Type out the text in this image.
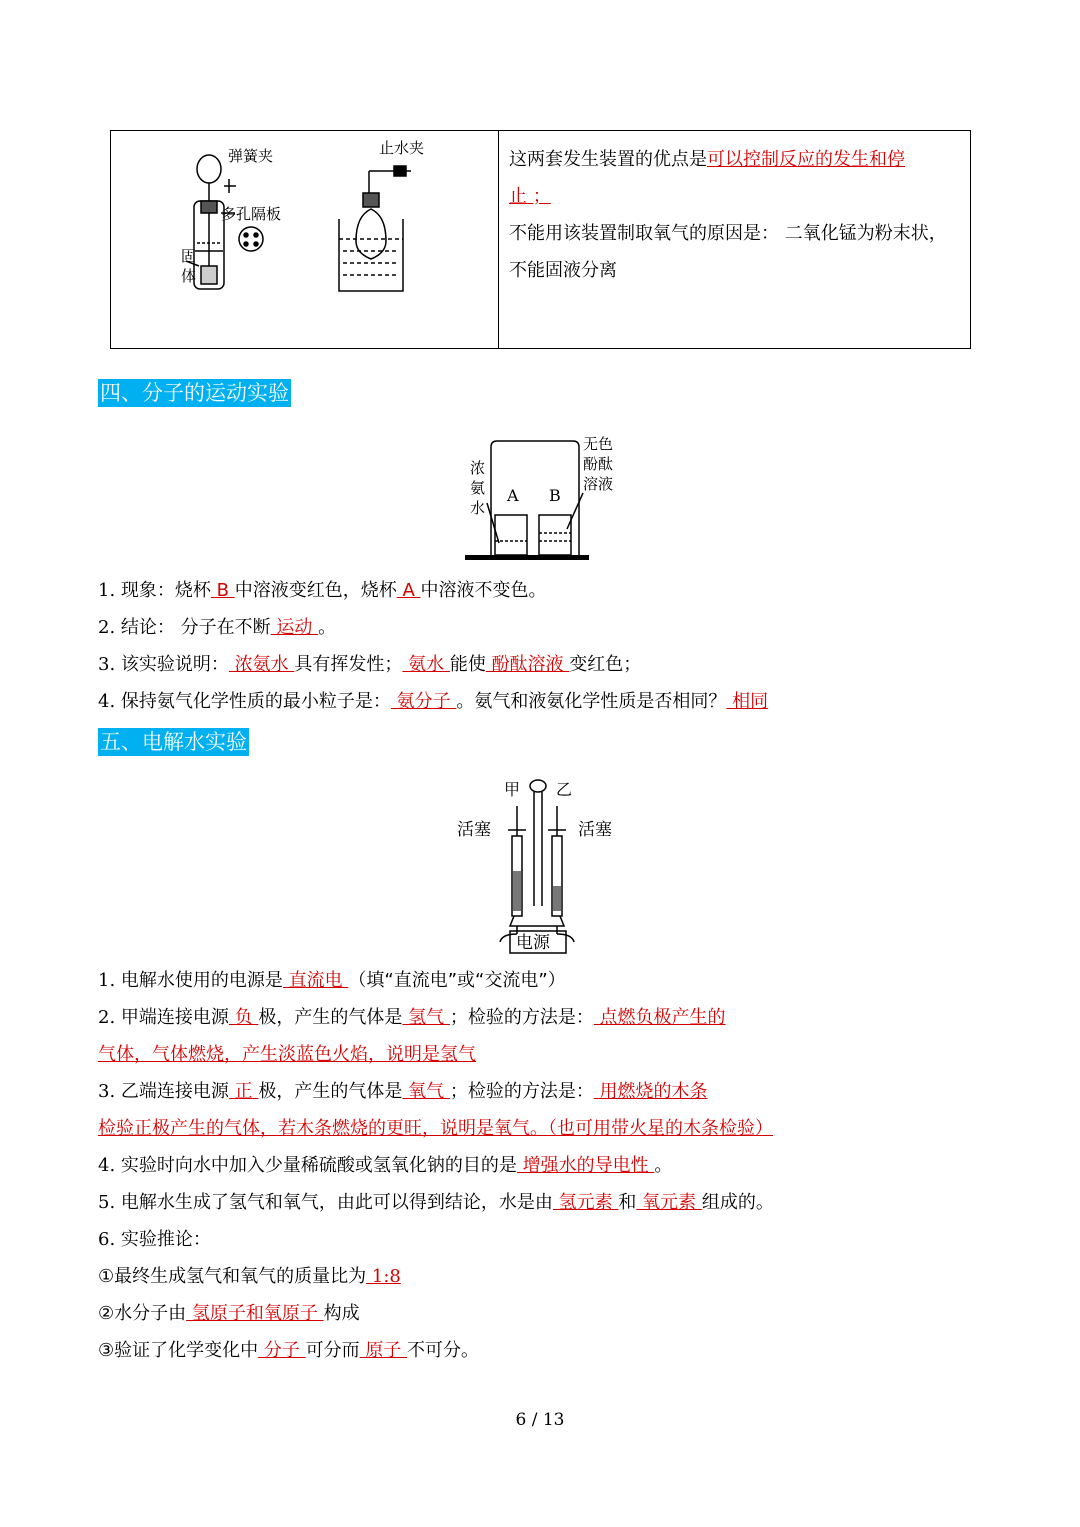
弹簧夹
多孔隔板
固
体
止水夹

这两套发生装置的优点是可以控制反应的发生和停
止 ；
不能用该装置制取氧气的原因是： 二氧化锰为粉末状，不能固液分离
四、分子的运动实验
浓
氨
水
A B
无色
酚酞
溶液
1. 现象：烧杯 B 中溶液变红色，烧杯 A 中溶液不变色。
2. 结论： 分子在不断 运动 。
3. 该实验说明： 浓氨水 具有挥发性； 氨水 能使 酚酞溶液 变红色；
4. 保持氨气化学性质的最小粒子是： 氨分子 。氨气和液氨化学性质是否相同？ 相同
五、电解水实验
甲 乙
活塞	活塞
电源
1. 电解水使用的电源是 直流电 （填“直流电”或“交流电”）
2. 甲端连接电源 负 极，产生的气体是 氢气 ；检验的方法是： 点燃负极产生的
气体，气体燃烧，产生淡蓝色火焰，说明是氢气
3. 乙端连接电源 正 极，产生的气体是 氧气 ；检验的方法是： 用燃烧的木条
检验正极产生的气体，若木条燃烧的更旺，说明是氧气。（也可用带火星的木条检验）
4. 实验时向水中加入少量稀硫酸或氢氧化钠的目的是 增强水的导电性 。
5. 电解水生成了氢气和氧气，由此可以得到结论，水是由 氢元素 和 氧元素 组成的。
6. 实验推论：
①最终生成氢气和氧气的质量比为 1:8
②水分子由 氢原子和氧原子 构成
③验证了化学变化中 分子 可分而 原子 不可分。
6 / 13
